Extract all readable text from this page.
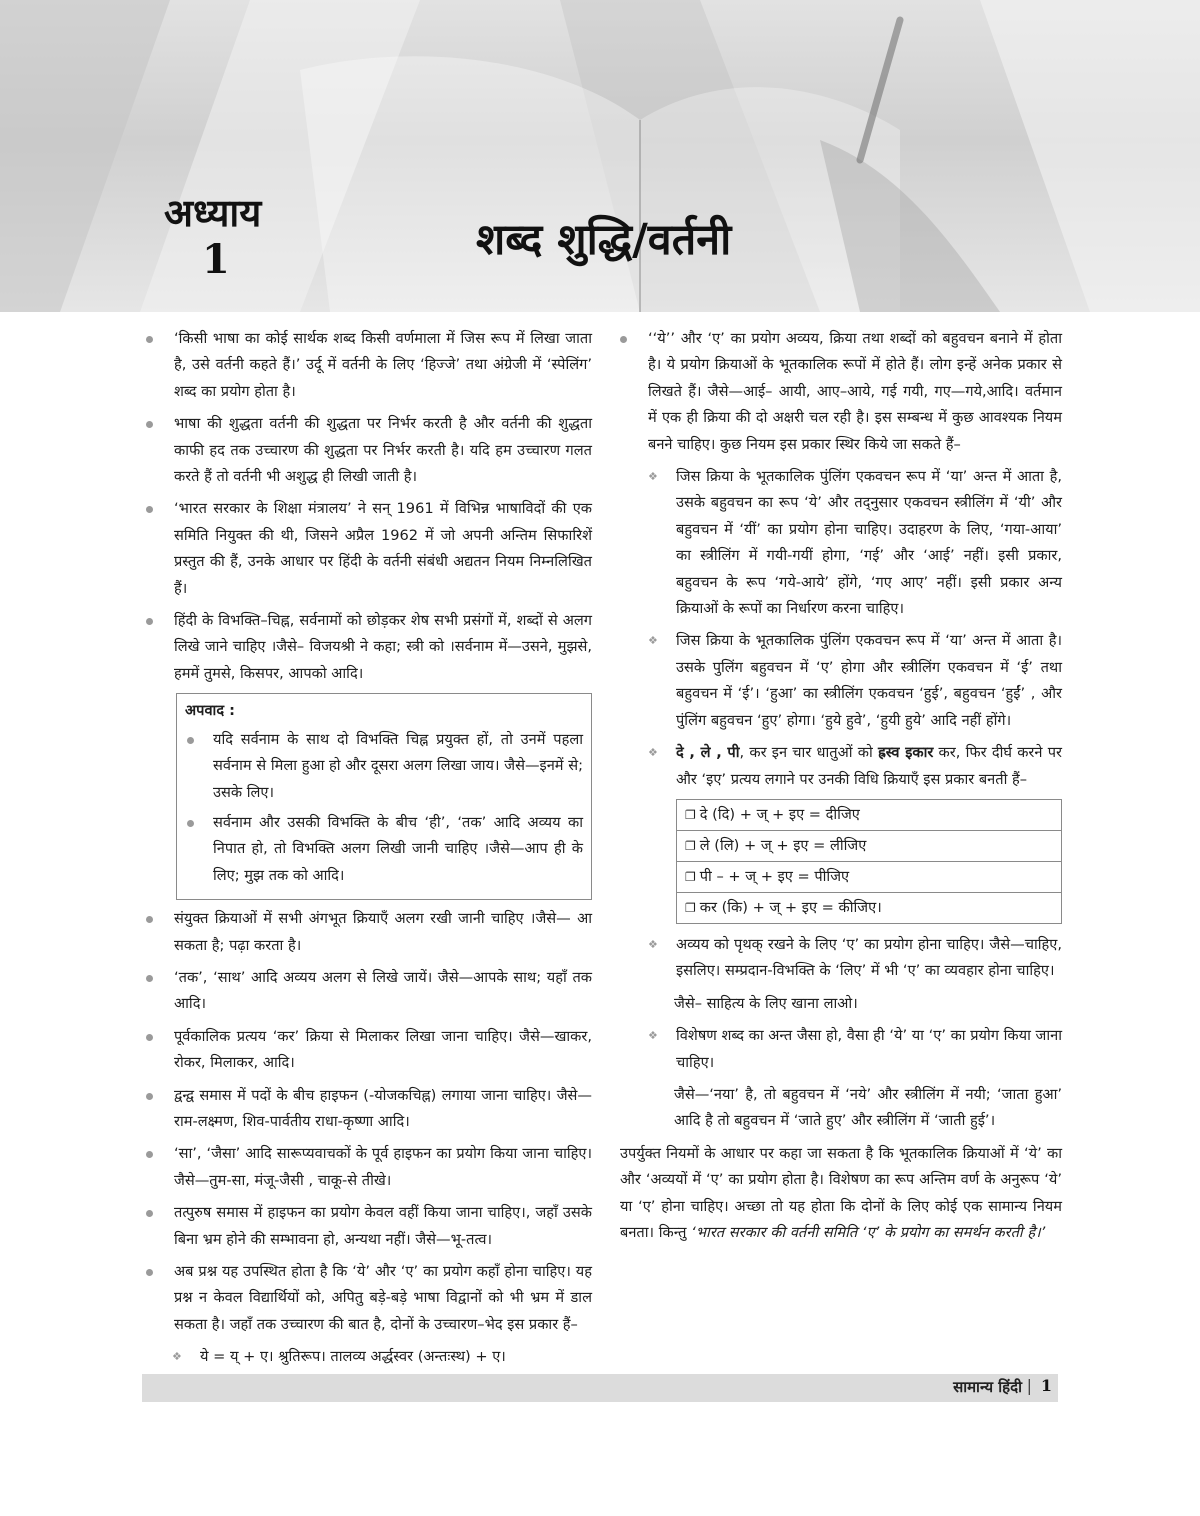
अध्याय
1	शब्द शुद्धि/वर्तनी
‘किसी भाषा का कोई सार्थक शब्द किसी वर्णमाला में जिस रूप में लिखा जाता है, उसे वर्तनी कहते हैं।’ उर्दू में वर्तनी के लिए ‘हिज्जे’ तथा अंग्रेजी में ‘स्पेलिंग’ शब्द का प्रयोग होता है।
भाषा की शुद्धता वर्तनी की शुद्धता पर निर्भर करती है और वर्तनी की शुद्धता काफी हद तक उच्चारण की शुद्धता पर निर्भर करती है। यदि हम उच्चारण गलत करते हैं तो वर्तनी भी अशुद्ध ही लिखी जाती है।
‘भारत सरकार के शिक्षा मंत्रालय’ ने सन् 1961 में विभिन्न भाषाविदों की एक समिति नियुक्त की थी, जिसने अप्रैल 1962 में जो अपनी अन्तिम सिफारिशें प्रस्तुत की हैं, उनके आधार पर हिंदी के वर्तनी संबंधी अद्यतन नियम निम्नलिखित हैं।
हिंदी के विभक्ति–चिह्न, सर्वनामों को छोड़कर शेष सभी प्रसंगों में, शब्दों से अलग लिखे जाने चाहिए ।जैसे– विजयश्री ने कहा; स्त्री को ।सर्वनाम में—उसने, मुझसे, हममें तुमसे, किसपर, आपको आदि।
अपवाद :
यदि सर्वनाम के साथ दो विभक्ति चिह्न प्रयुक्त हों, तो उनमें पहला सर्वनाम से मिला हुआ हो और दूसरा अलग लिखा जाय। जैसे—इनमें से; उसके लिए।
सर्वनाम और उसकी विभक्ति के बीच ‘ही’, ‘तक’ आदि अव्यय का निपात हो, तो विभक्ति अलग लिखी जानी चाहिए ।जैसे—आप ही के लिए; मुझ तक को आदि।
संयुक्त क्रियाओं में सभी अंगभूत क्रियाएँ अलग रखी जानी चाहिए ।जैसे— आ सकता है; पढ़ा करता है।
‘तक’, ‘साथ’ आदि अव्यय अलग से लिखे जायें। जैसे—आपके साथ; यहाँ तक आदि।
पूर्वकालिक प्रत्यय ‘कर’ क्रिया से मिलाकर लिखा जाना चाहिए। जैसे—खाकर, रोकर, मिलाकर, आदि।
द्वन्द्व समास में पदों के बीच हाइफन (-योजकचिह्न) लगाया जाना चाहिए। जैसे—राम-लक्ष्मण, शिव-पार्वतीय राधा-कृष्णा आदि।
‘सा’, ‘जैसा’ आदि सारूप्यवाचकों के पूर्व हाइफन का प्रयोग किया जाना चाहिए। जैसे—तुम-सा, मंजू-जैसी , चाकू-से तीखे।
तत्पुरुष समास में हाइफन का प्रयोग केवल वहीं किया जाना चाहिए।, जहाँ उसके बिना भ्रम होने की सम्भावना हो, अन्यथा नहीं। जैसे—भू-तत्व।
अब प्रश्न यह उपस्थित होता है कि ‘ये’ और ‘ए’ का प्रयोग कहाँ होना चाहिए। यह प्रश्न न केवल विद्यार्थियों को, अपितु बड़े-बड़े भाषा विद्वानों को भी भ्रम में डाल सकता है। जहाँ तक उच्चारण की बात है, दोनों के उच्चारण–भेद इस प्रकार हैं–
❖ ये = य् + ए। श्रुतिरूप। तालव्य अर्द्धस्वर (अन्तःस्थ) + ए।
❖
‘‘ये’’ और ‘ए’ का प्रयोग अव्यय, क्रिया तथा शब्दों को बहुवचन बनाने में होता है। ये प्रयोग क्रियाओं के भूतकालिक रूपों में होते हैं। लोग इन्हें अनेक प्रकार से लिखते हैं। जैसे—आई– आयी, आए–आये, गई गयी, गए—गये,आदि। वर्तमान में एक ही क्रिया की दो अक्षरी चल रही है। इस सम्बन्ध में कुछ आवश्यक नियम बनने चाहिए। कुछ नियम इस प्रकार स्थिर किये जा सकते हैं–
❖ जिस क्रिया के भूतकालिक पुंलिंग एकवचन रूप में ‘या’ अन्त में आता है, उसके बहुवचन का रूप ‘ये’ और तद्नुसार एकवचन स्त्रीलिंग में ‘यी’ और बहुवचन में ‘यीं’ का प्रयोग होना चाहिए। उदाहरण के लिए, ‘गया-आया’ का स्त्रीलिंग में गयी-गयीं होगा, ‘गई’ और ‘आई’ नहीं। इसी प्रकार, बहुवचन के रूप ‘गये-आये’ होंगे, ‘गए आए’ नहीं। इसी प्रकार अन्य क्रियाओं के रूपों का निर्धारण करना चाहिए।
❖ जिस क्रिया के भूतकालिक पुंलिंग एकवचन रूप में ‘या’ अन्त में आता है। उसके पुलिंग बहुवचन में ‘ए’ होगा और स्त्रीलिंग एकवचन में ‘ई’ तथा बहुवचन में ‘ई’। ‘हुआ’ का स्त्रीलिंग एकवचन ‘हुई’, बहुवचन ‘हुईं’ , और पुंलिंग बहुवचन ‘हुए’ होगा। ‘हुये हुवे’, ‘हुयी हुये’ आदि नहीं होंगे।
❖ दे , ले , पी, कर इन चार धातुओं को ह्रस्व इकार कर, फिर दीर्घ करने पर और ‘इए’ प्रत्यय लगाने पर उनकी विधि क्रियाएँ इस प्रकार बनती हैं–
❐ दे (दि) + ज् + इए = दीजिए
❐ ले (लि) + ज् + इए = लीजिए
❐ पी – + ज् + इए = पीजिए
❐ कर (कि) + ज् + इए = कीजिए।
❖ अव्यय को पृथक् रखने के लिए ‘ए’ का प्रयोग होना चाहिए। जैसे—चाहिए, इसलिए। सम्प्रदान-विभक्ति के ‘लिए’ में भी ‘ए’ का व्यवहार होना चाहिए।
जैसे– साहित्य के लिए खाना लाओ।
❖ विशेषण शब्द का अन्त जैसा हो, वैसा ही ‘ये’ या ‘ए’ का प्रयोग किया जाना चाहिए।
जैसे—‘नया’ है, तो बहुवचन में ‘नये’ और स्त्रीलिंग में नयी; ‘जाता हुआ’ आदि है तो बहुवचन में ‘जाते हुए’ और स्त्रीलिंग में ‘जाती हुई’।
उपर्युक्त नियमों के आधार पर कहा जा सकता है कि भूतकालिक क्रियाओं में ‘ये’ का और ‘अव्ययों में ‘ए’ का प्रयोग होता है। विशेषण का रूप अन्तिम वर्ण के अनुरूप ‘ये’ या ‘ए’ होना चाहिए। अच्छा तो यह होता कि दोनों के लिए कोई एक सामान्य नियम बनता। किन्तु ‘भारत सरकार की वर्तनी समिति ‘ए’ के प्रयोग का समर्थन करती है।’
सामान्य हिंदी | 1
